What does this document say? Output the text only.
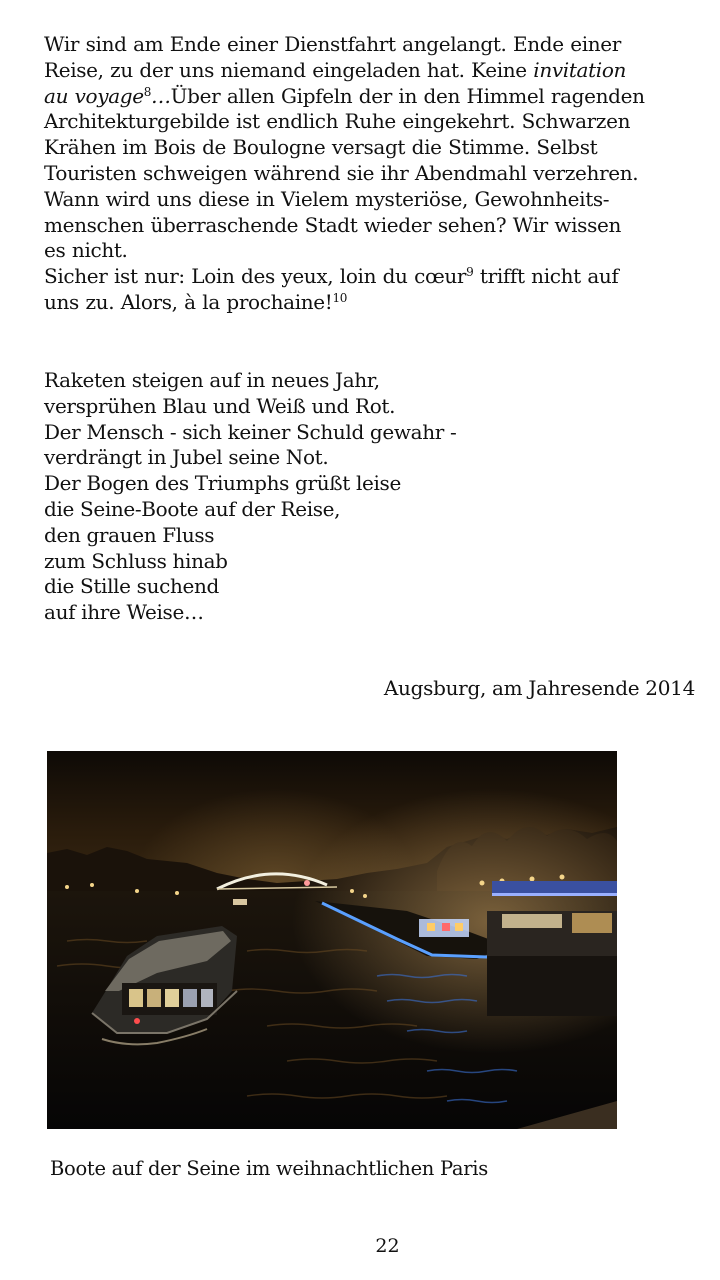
Wir sind am Ende einer Dienstfahrt angelangt. Ende einer
Reise, zu der uns niemand eingeladen hat. Keine invitation
au voyage$^8$…Über allen Gipfeln der in den Himmel ragenden
Architekturgebilde ist endlich Ruhe eingekehrt. Schwarzen
Krähen im Bois de Boulogne versagt die Stimme. Selbst
Touristen schweigen während sie ihr Abendmahl verzehren.
Wann wird uns diese in Vielem mysteriöse, Gewohnheits-
menschen überraschende Stadt wieder sehen? Wir wissen
es nicht.
Sicher ist nur: Loin des yeux, loin du cœur$^9$ trifft nicht auf
uns zu. Alors, à la prochaine!$^{10}$
Raketen steigen auf in neues Jahr,
versprühen Blau und Weiß und Rot.
Der Mensch - sich keiner Schuld gewahr -
verdrängt in Jubel seine Not.
Der Bogen des Triumphs grüßt leise
die Seine-Boote auf der Reise,
den grauen Fluss
zum Schluss hinab
die Stille suchend
auf ihre Weise…
Augsburg, am Jahresende 2014
Boote auf der Seine im weihnachtlichen Paris
22
